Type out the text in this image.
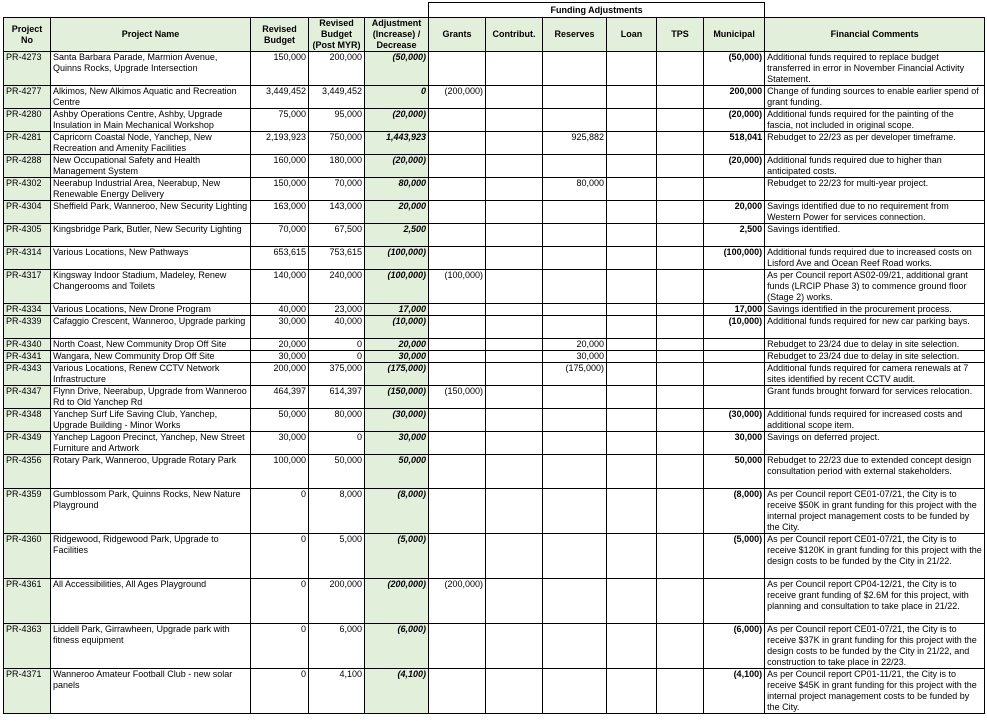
					Funding Adjustments						
Project No	Project Name	Revised Budget	Revised Budget (Post MYR)	Adjustment (Increase) / Decrease	Grants	Contribut.	Reserves	Loan	TPS	Municipal	Financial Comments
PR-4273	Santa Barbara Parade, Marmion Avenue, Quinns Rocks, Upgrade Intersection	150,000	200,000	(50,000)						(50,000)	Additional funds required to replace budget transferred in error in November Financial Activity Statement.
PR-4277	Alkimos, New Alkimos Aquatic and Recreation Centre	3,449,452	3,449,452	0	(200,000)					200,000	Change of funding sources to enable earlier spend of grant funding.
PR-4280	Ashby Operations Centre, Ashby, Upgrade Insulation in Main Mechanical Workshop	75,000	95,000	(20,000)						(20,000)	Additional funds required for the painting of the fascia, not included in original scope.
PR-4281	Capricorn Coastal Node, Yanchep, New Recreation and Amenity Facilities	2,193,923	750,000	1,443,923			925,882			518,041	Rebudget to 22/23 as per developer timeframe.
PR-4288	New Occupational Safety and Health Management System	160,000	180,000	(20,000)						(20,000)	Additional funds required due to higher than anticipated costs.
PR-4302	Neerabup Industrial Area, Neerabup, New Renewable Energy Delivery	150,000	70,000	80,000			80,000				Rebudget to 22/23 for multi-year project.
PR-4304	Sheffield Park, Wanneroo, New Security Lighting	163,000	143,000	20,000						20,000	Savings identified due to no requirement from Western Power for services connection.
PR-4305	Kingsbridge Park, Butler, New Security Lighting	70,000	67,500	2,500						2,500	Savings identified.
PR-4314	Various Locations, New Pathways	653,615	753,615	(100,000)						(100,000)	Additional funds required due to increased costs on Lisford Ave and Ocean Reef Road works.
PR-4317	Kingsway Indoor Stadium, Madeley, Renew Changerooms and Toilets	140,000	240,000	(100,000)	(100,000)						As per Council report AS02-09/21, additional grant funds (LRCIP Phase 3) to commence ground floor (Stage 2) works.
PR-4334	Various Locations, New Drone Program	40,000	23,000	17,000						17,000	Savings identified in the procurement process.
PR-4339	Cafaggio Crescent, Wanneroo, Upgrade parking	30,000	40,000	(10,000)						(10,000)	Additional funds required for new car parking bays.
PR-4340	North Coast, New Community Drop Off Site	20,000	0	20,000			20,000				Rebudget to 23/24 due to delay in site selection.
PR-4341	Wangara, New Community Drop Off Site	30,000	0	30,000			30,000				Rebudget to 23/24 due to delay in site selection.
PR-4343	Various Locations, Renew CCTV Network Infrastructure	200,000	375,000	(175,000)			(175,000)				Additional funds required for camera renewals at 7 sites identified by recent CCTV audit.
PR-4347	Flynn Drive, Neerabup, Upgrade from Wanneroo Rd to Old Yanchep Rd	464,397	614,397	(150,000)	(150,000)						Grant funds brought forward for services relocation.
PR-4348	Yanchep Surf Life Saving Club, Yanchep, Upgrade Building - Minor Works	50,000	80,000	(30,000)						(30,000)	Additional funds required for increased costs and additional scope item.
PR-4349	Yanchep Lagoon Precinct, Yanchep, New Street Furniture and Artwork	30,000	0	30,000						30,000	Savings on deferred project.
PR-4356	Rotary Park, Wanneroo, Upgrade Rotary Park	100,000	50,000	50,000						50,000	Rebudget to 22/23 due to extended concept design consultation period with external stakeholders.
PR-4359	Gumblossom Park, Quinns Rocks, New Nature Playground	0	8,000	(8,000)						(8,000)	As per Council report CE01-07/21, the City is to receive $50K in grant funding for this project with the internal project management costs to be funded by the City.
PR-4360	Ridgewood, Ridgewood Park, Upgrade to Facilities	0	5,000	(5,000)						(5,000)	As per Council report CE01-07/21, the City is to receive $120K in grant funding for this project with the design costs to be funded by the City in 21/22.
PR-4361	All Accessibilities, All Ages Playground	0	200,000	(200,000)	(200,000)						As per Council report CP04-12/21, the City is to receive grant funding of $2.6M for this project, with planning and consultation to take place in 21/22.
PR-4363	Liddell Park, Girrawheen, Upgrade park with fitness equipment	0	6,000	(6,000)						(6,000)	As per Council report CE01-07/21, the City is to receive $37K in grant funding for this project with the design costs to be funded by the City in 21/22, and construction to take place in 22/23.
PR-4371	Wanneroo Amateur Football Club - new solar panels	0	4,100	(4,100)						(4,100)	As per Council report CP01-11/21, the City is to receive $45K in grant funding for this project with the internal project management costs to be funded by the City.
